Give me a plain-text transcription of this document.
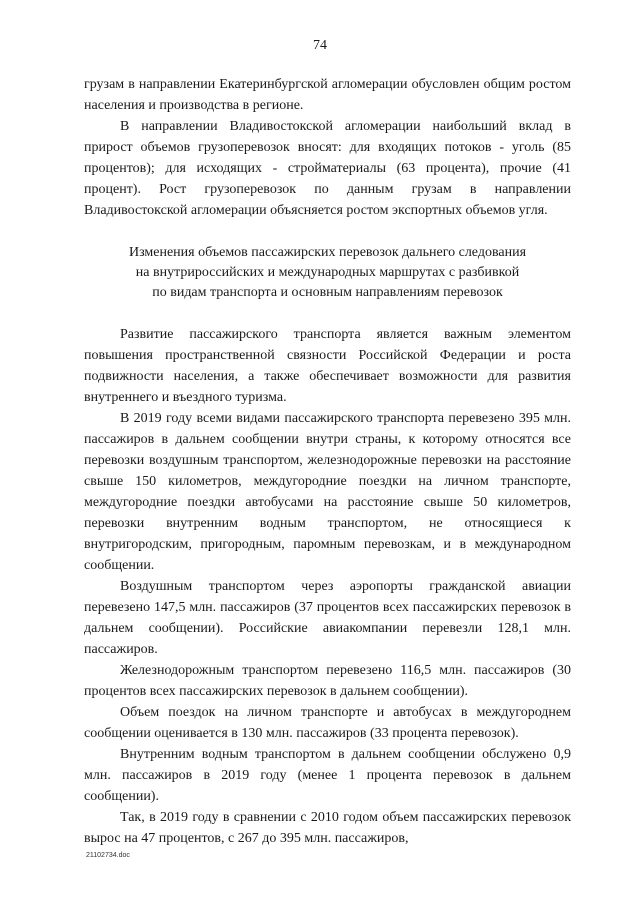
74

грузам в направлении Екатеринбургской агломерации обусловлен общим ростом населения и производства в регионе.

В направлении Владивостокской агломерации наибольший вклад в прирост объемов грузоперевозок вносят: для входящих потоков - уголь (85 процентов); для исходящих - стройматериалы (63 процента), прочие (41 процент). Рост грузоперевозок по данным грузам в направлении Владивостокской агломерации объясняется ростом экспортных объемов угля.

Изменения объемов пассажирских перевозок дальнего следования
на внутрироссийских и международных маршрутах с разбивкой
по видам транспорта и основным направлениям перевозок

Развитие пассажирского транспорта является важным элементом повышения пространственной связности Российской Федерации и роста подвижности населения, а также обеспечивает возможности для развития внутреннего и въездного туризма.

В 2019 году всеми видами пассажирского транспорта перевезено 395 млн. пассажиров в дальнем сообщении внутри страны, к которому относятся все перевозки воздушным транспортом, железнодорожные перевозки на расстояние свыше 150 километров, междугородние поездки на личном транспорте, междугородние поездки автобусами на расстояние свыше 50 километров, перевозки внутренним водным транспортом, не относящиеся к внутригородским, пригородным, паромным перевозкам, и в международном сообщении.

Воздушным транспортом через аэропорты гражданской авиации перевезено 147,5 млн. пассажиров (37 процентов всех пассажирских перевозок в дальнем сообщении). Российские авиакомпании перевезли 128,1 млн. пассажиров.

Железнодорожным транспортом перевезено 116,5 млн. пассажиров (30 процентов всех пассажирских перевозок в дальнем сообщении).

Объем поездок на личном транспорте и автобусах в междугороднем сообщении оценивается в 130 млн. пассажиров (33 процента перевозок).

Внутренним водным транспортом в дальнем сообщении обслужено 0,9 млн. пассажиров в 2019 году (менее 1 процента перевозок в дальнем сообщении).

Так, в 2019 году в сравнении с 2010 годом объем пассажирских перевозок вырос на 47 процентов, с 267 до 395 млн. пассажиров,

21102734.doc
